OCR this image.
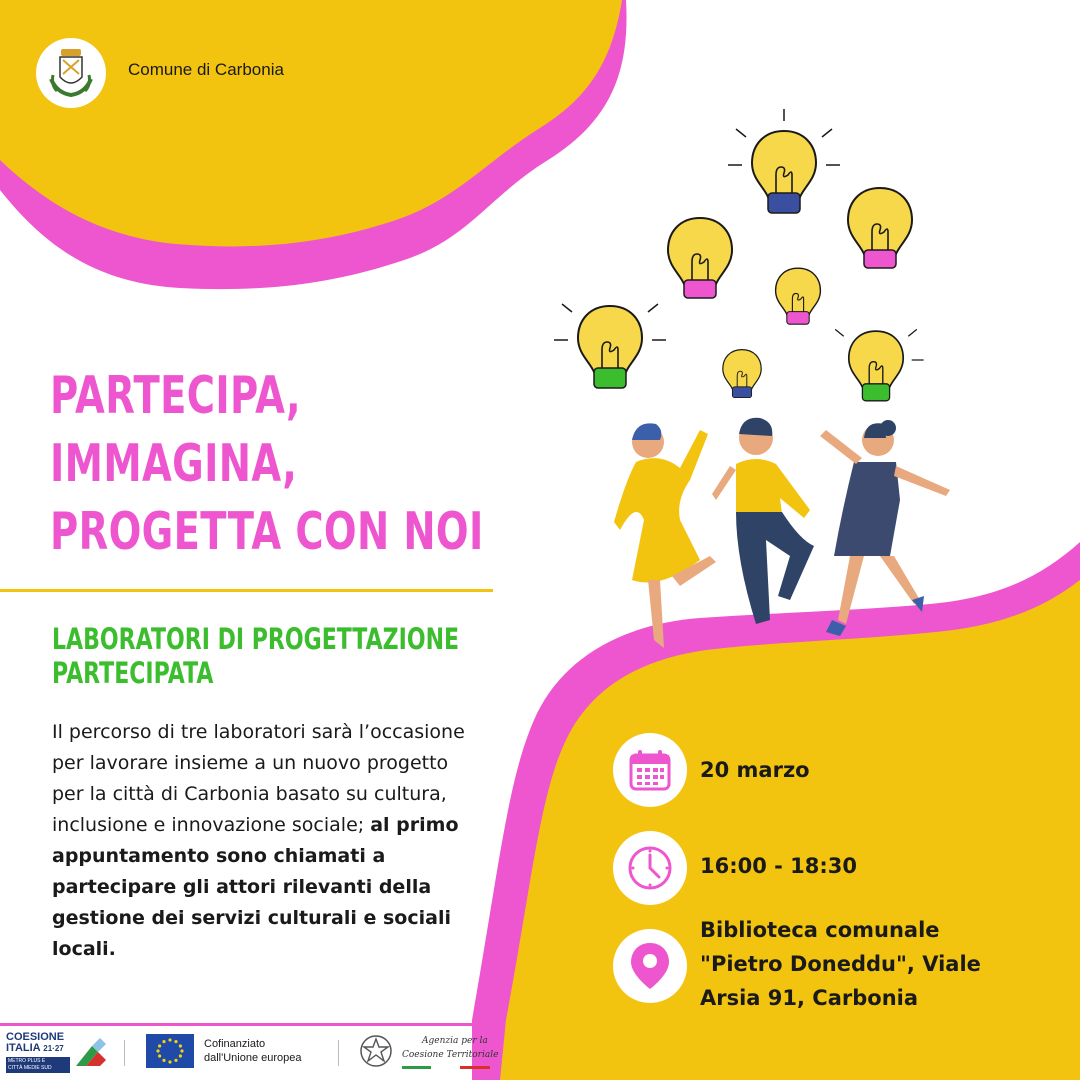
Comune di Carbonia
PARTECIPA,
IMMAGINA,
PROGETTA CON NOI
LABORATORI DI PROGETTAZIONE
PARTECIPATA
Il percorso di tre laboratori sarà l’occasione per lavorare insieme a un nuovo progetto per la città di Carbonia basato su cultura, inclusione e innovazione sociale; al primo appuntamento sono chiamati a partecipare gli attori rilevanti della gestione dei servizi culturali e sociali locali.
20 marzo
16:00 - 18:30
Biblioteca comunale
"Pietro Doneddu", Viale
Arsia 91, Carbonia
COESIONE
ITALIA 21·27
METRO PLUS E
CITTÀ MEDIE SUD
Cofinanziato
dall'Unione europea
Agenzia per la
Coesione Territoriale
